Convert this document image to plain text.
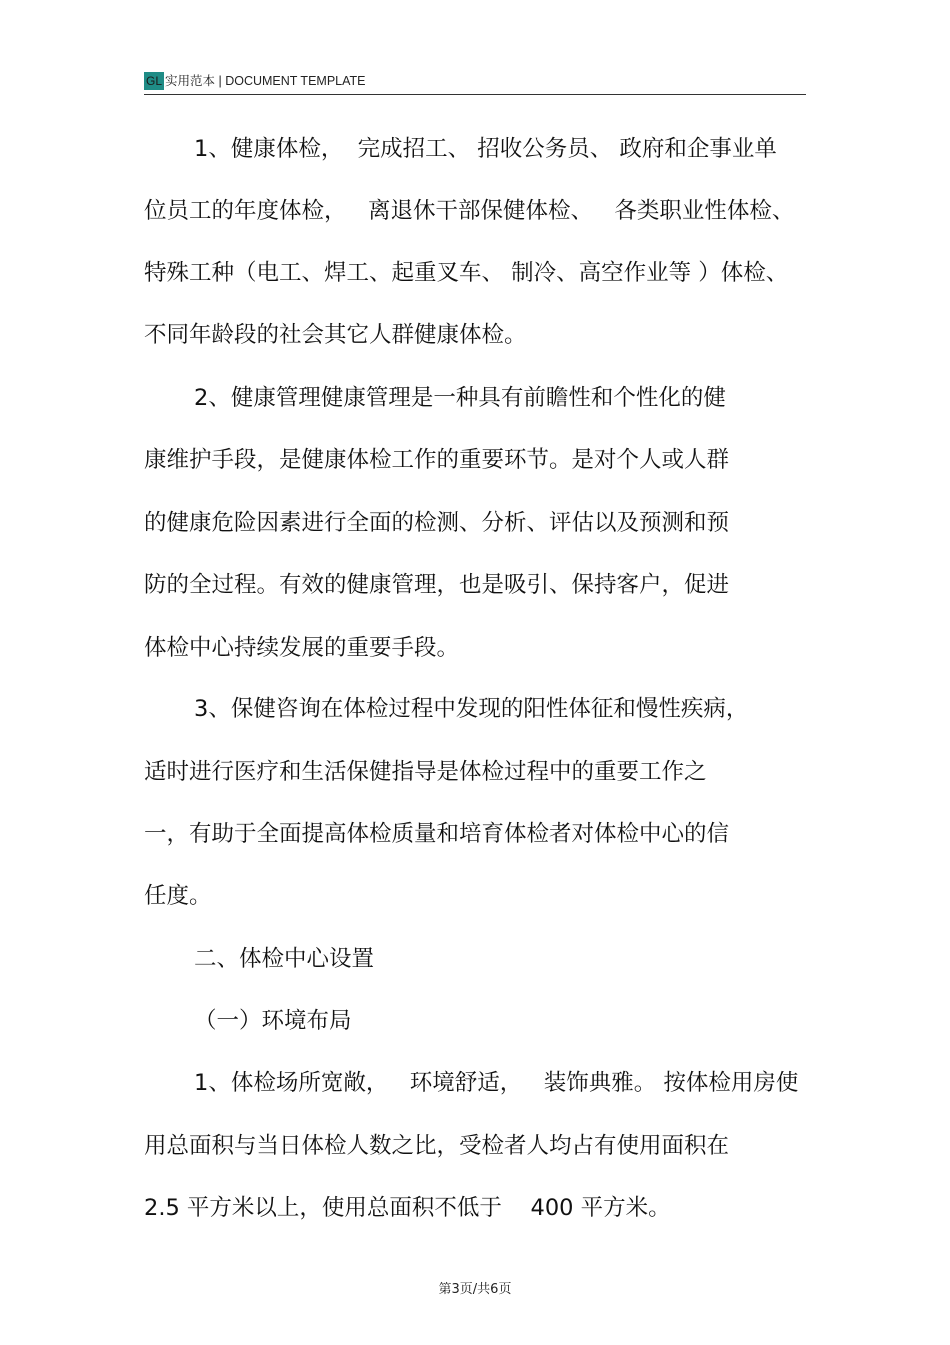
GL 实用范本 | DOCUMENT TEMPLATE
1、健康体检，  完成招工、 招收公务员、 政府和企事业单
位员工的年度体检，   离退休干部保健体检、   各类职业性体检、
特殊工种（电工、焊工、起重叉车、 制冷、高空作业等 ）体检、
不同年龄段的社会其它人群健康体检。
2、健康管理健康管理是一种具有前瞻性和个性化的健
康维护手段，是健康体检工作的重要环节。是对个人或人群
的健康危险因素进行全面的检测、分析、评估以及预测和预
防的全过程。有效的健康管理，也是吸引、保持客户，促进
体检中心持续发展的重要手段。
3、保健咨询在体检过程中发现的阳性体征和慢性疾病，
适时进行医疗和生活保健指导是体检过程中的重要工作之
一，有助于全面提高体检质量和培育体检者对体检中心的信
任度。
二、体检中心设置
（一）环境布局
1、体检场所宽敞，   环境舒适，   装饰典雅。 按体检用房使
用总面积与当日体检人数之比，受检者人均占有使用面积在
2.5 平方米以上，使用总面积不低于    400 平方米。
第3页/共6页
